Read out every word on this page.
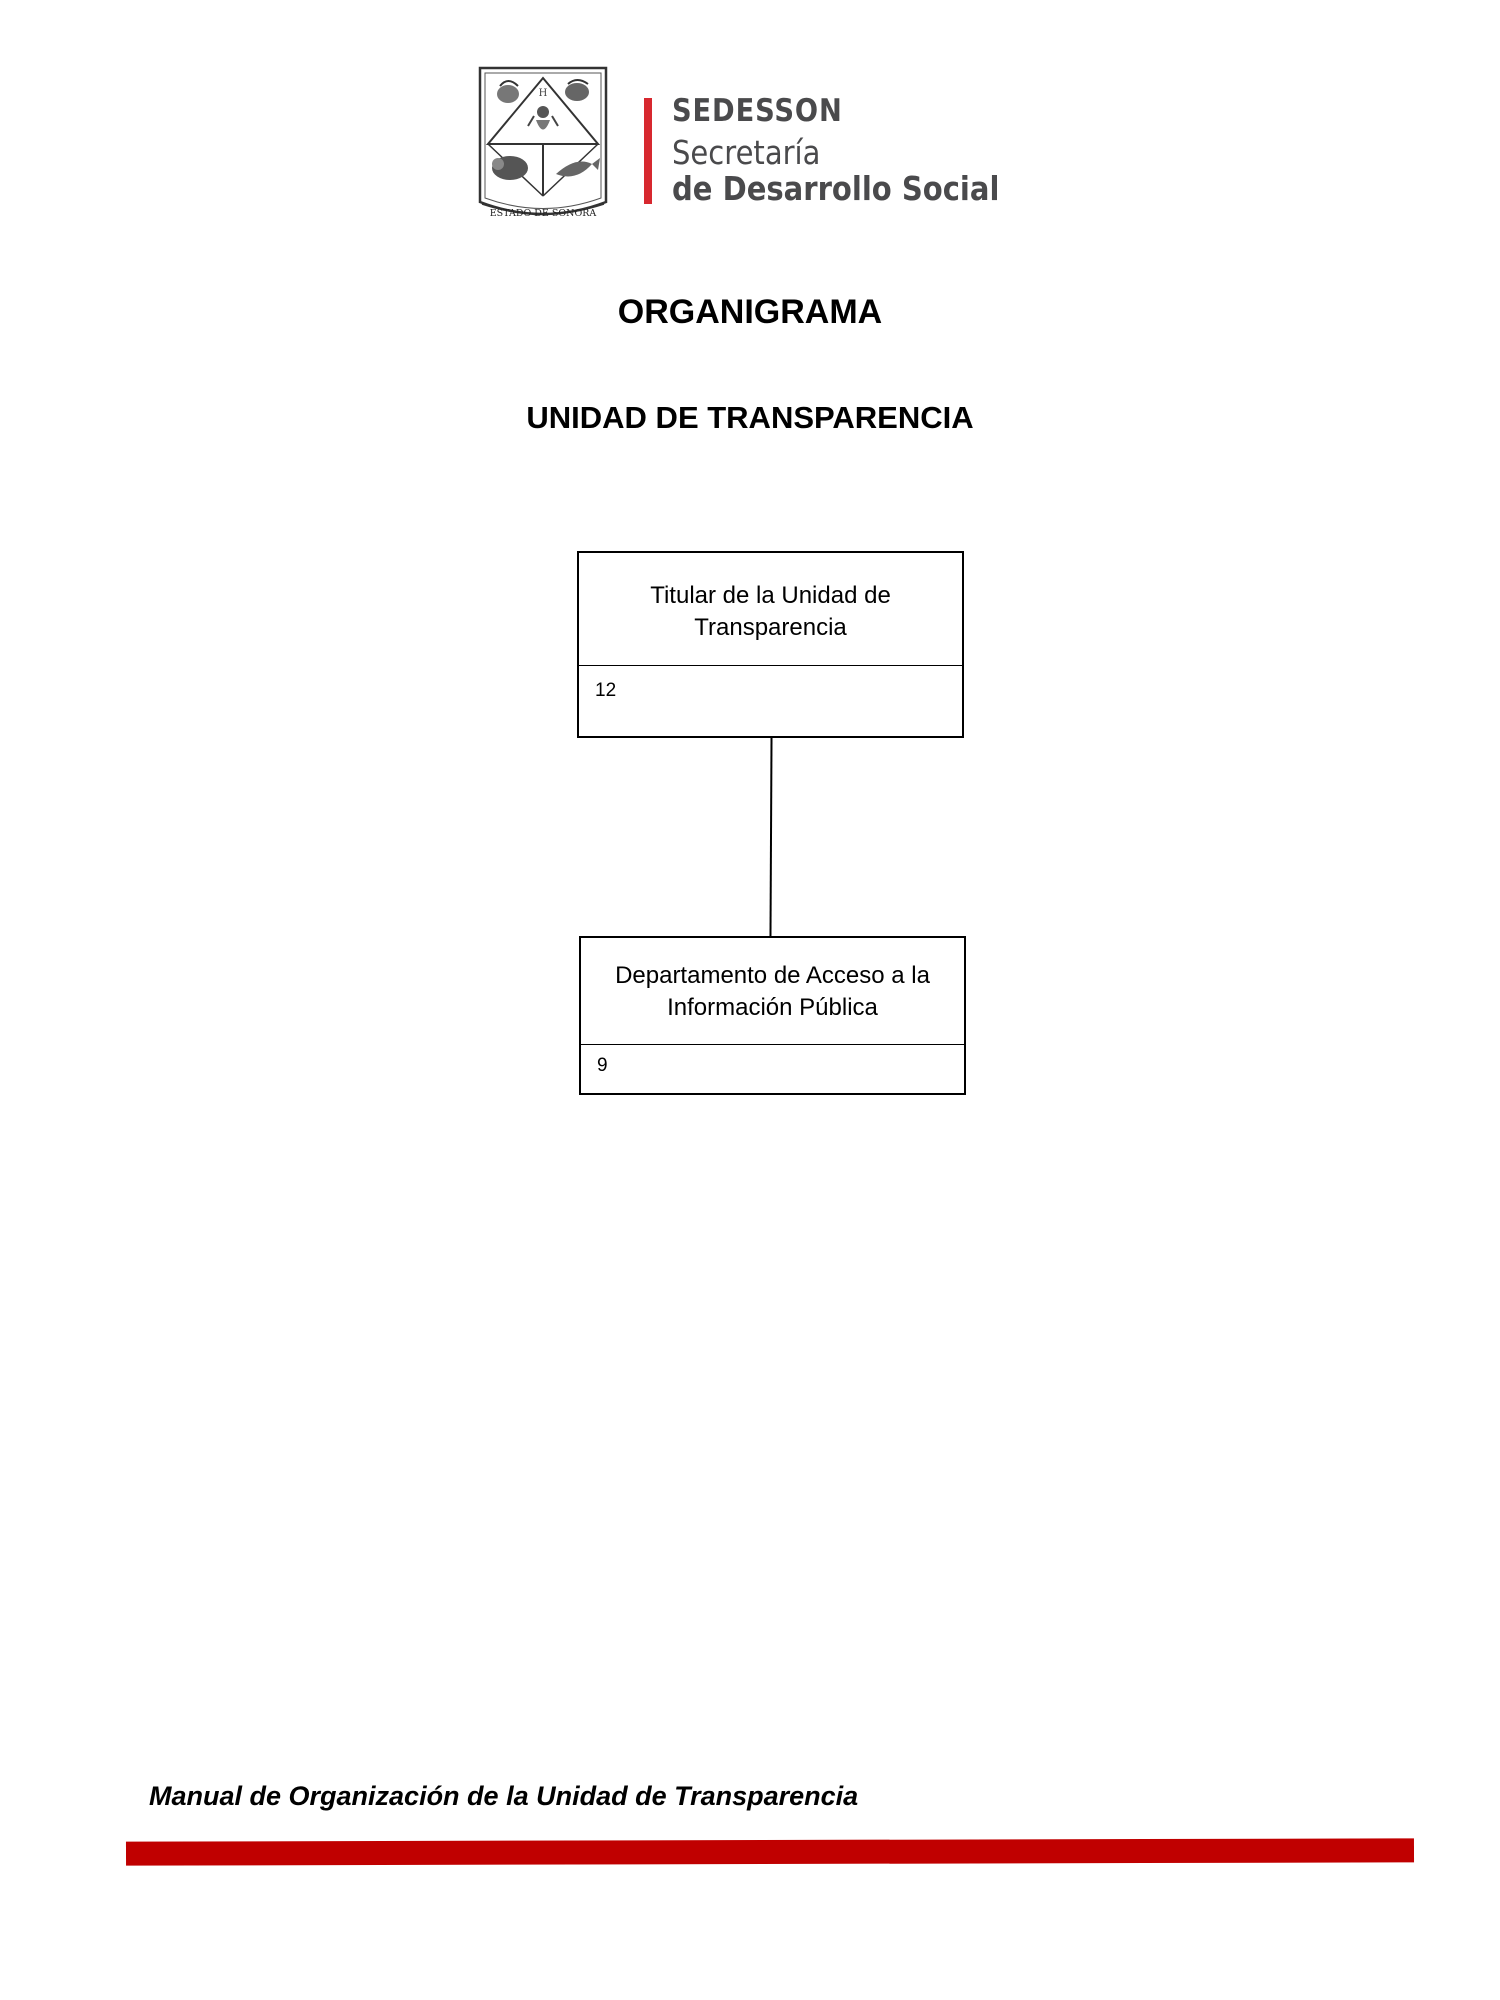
H
ESTADO DE SONORA
SEDESSON
Secretaría
de Desarrollo Social
ORGANIGRAMA
UNIDAD DE TRANSPARENCIA
Titular de la Unidad de Transparencia
12
Departamento de Acceso a la Información Pública
9
Manual de Organización de la Unidad de Transparencia
